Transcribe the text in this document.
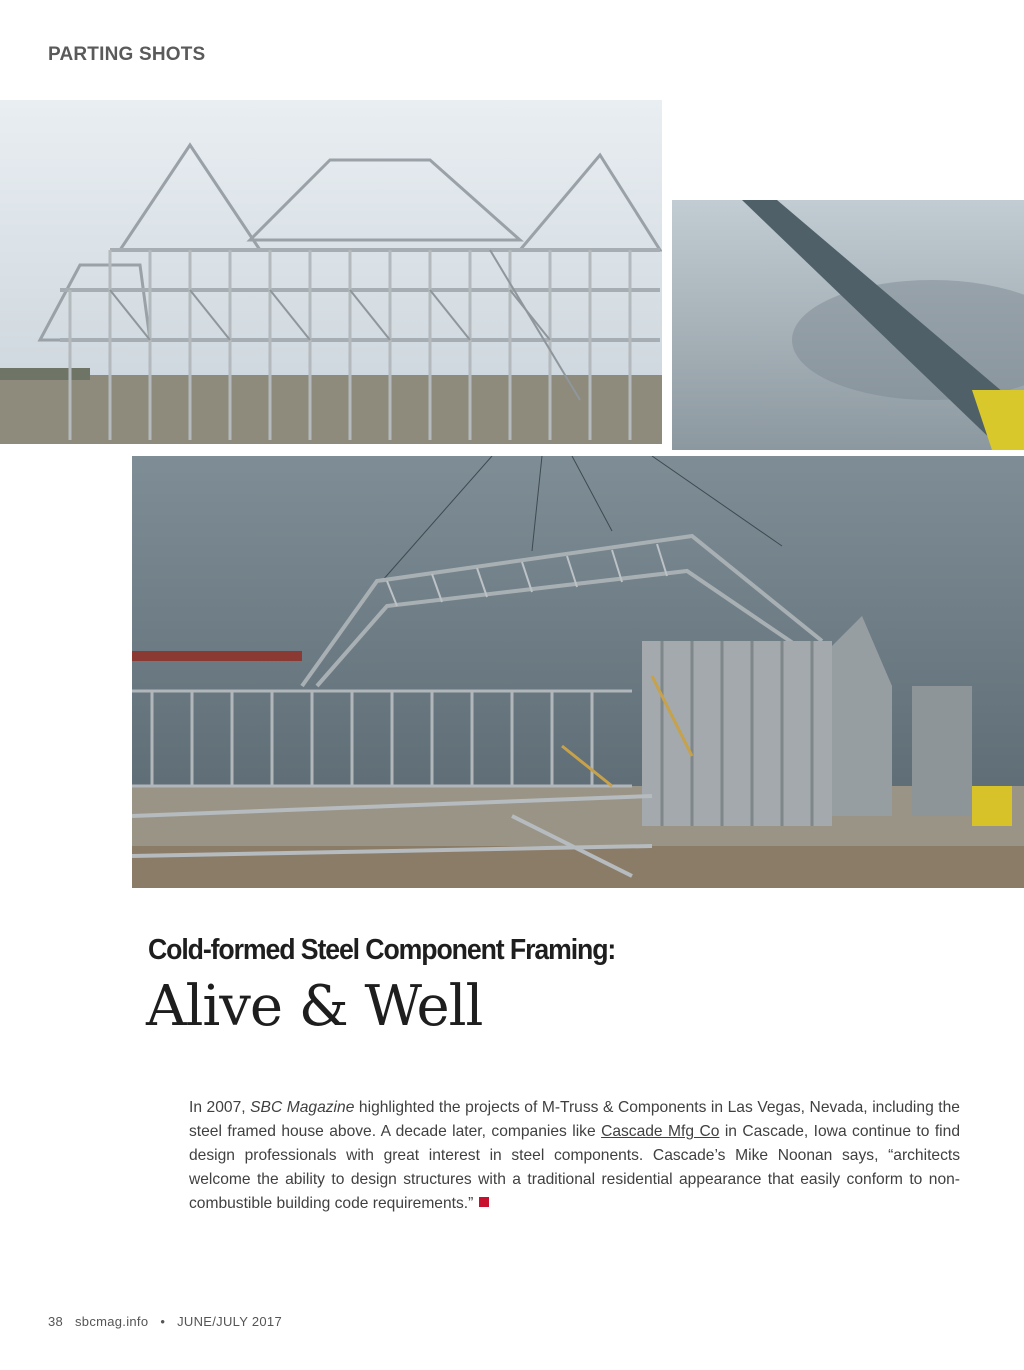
PARTING SHOTS
Cold-formed Steel Component Framing:
Alive & Well
In 2007, SBC Magazine highlighted the projects of M-Truss & Components in Las Vegas, Nevada, including the steel framed house above. A decade later, companies like Cascade Mfg Co in Cascade, Iowa continue to find design professionals with great interest in steel components. Cascade’s Mike Noonan says, “architects welcome the ability to design structures with a traditional residential appearance that easily conform to non-combustible building code requirements.”
38 sbcmag.info • JUNE/JULY 2017
